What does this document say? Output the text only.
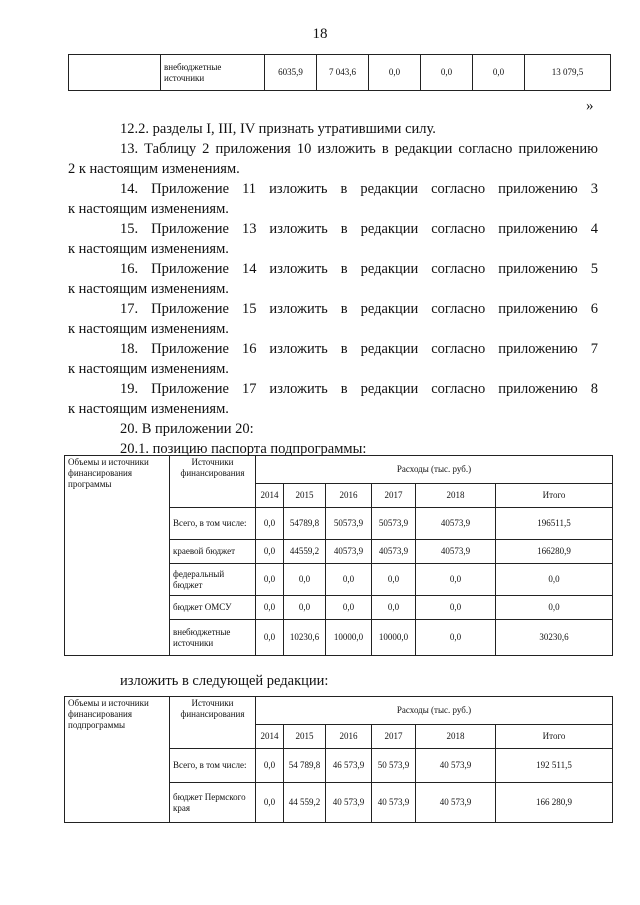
18
	внебюджетные источники	6035,9	7 043,6	0,0	0,0	0,0	13 079,5
»
12.2. разделы I, III, IV признать утратившими силу.
13. Таблицу 2 приложения 10 изложить в редакции согласно приложению
2 к настоящим изменениям.
14. Приложение 11 изложить в редакции согласно приложению 3
к настоящим изменениям.
15. Приложение 13 изложить в редакции согласно приложению 4
к настоящим изменениям.
16. Приложение 14 изложить в редакции согласно приложению 5
к настоящим изменениям.
17. Приложение 15 изложить в редакции согласно приложению 6
к настоящим изменениям.
18. Приложение 16 изложить в редакции согласно приложению 7
к настоящим изменениям.
19. Приложение 17 изложить в редакции согласно приложению 8
к настоящим изменениям.
20. В приложении 20:
20.1. позицию паспорта подпрограммы:
Объемы и источники финансирования программы	Источники финансирования	Расходы (тыс. руб.)					
		2014	2015	2016	2017	2018	Итого
	Всего, в том числе:	0,0	54789,8	50573,9	50573,9	40573,9	196511,5
	краевой бюджет	0,0	44559,2	40573,9	40573,9	40573,9	166280,9
	федеральный бюджет	0,0	0,0	0,0	0,0	0,0	0,0
	бюджет ОМСУ	0,0	0,0	0,0	0,0	0,0	0,0
	внебюджетные источники	0,0	10230,6	10000,0	10000,0	0,0	30230,6
изложить в следующей редакции:
Объемы и источники финансирования подпрограммы	Источники финансирования	Расходы (тыс. руб.)					
		2014	2015	2016	2017	2018	Итого
	Всего, в том числе:	0,0	54 789,8	46 573,9	50 573,9	40 573,9	192 511,5
	бюджет Пермского края	0,0	44 559,2	40 573,9	40 573,9	40 573,9	166 280,9
